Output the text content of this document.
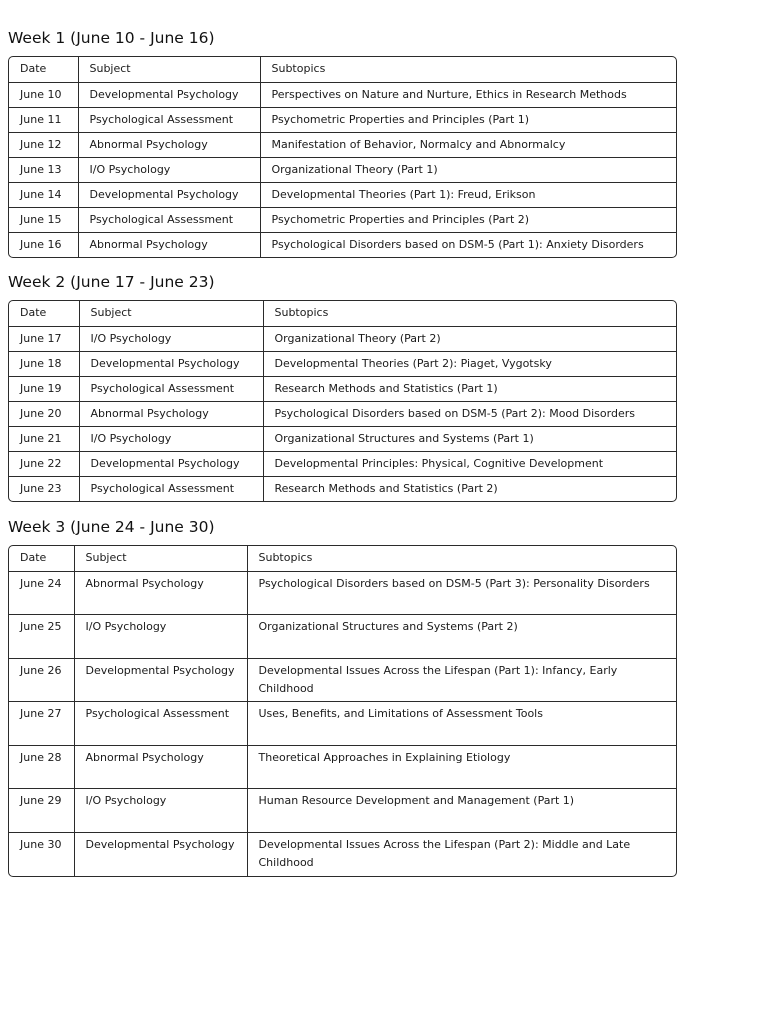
Week 1 (June 10 - June 16)
Date	Subject	Subtopics
June 10	Developmental Psychology	Perspectives on Nature and Nurture, Ethics in Research Methods
June 11	Psychological Assessment	Psychometric Properties and Principles (Part 1)
June 12	Abnormal Psychology	Manifestation of Behavior, Normalcy and Abnormalcy
June 13	I/O Psychology	Organizational Theory (Part 1)
June 14	Developmental Psychology	Developmental Theories (Part 1): Freud, Erikson
June 15	Psychological Assessment	Psychometric Properties and Principles (Part 2)
June 16	Abnormal Psychology	Psychological Disorders based on DSM-5 (Part 1): Anxiety Disorders
Week 2 (June 17 - June 23)
Date	Subject	Subtopics
June 17	I/O Psychology	Organizational Theory (Part 2)
June 18	Developmental Psychology	Developmental Theories (Part 2): Piaget, Vygotsky
June 19	Psychological Assessment	Research Methods and Statistics (Part 1)
June 20	Abnormal Psychology	Psychological Disorders based on DSM-5 (Part 2): Mood Disorders
June 21	I/O Psychology	Organizational Structures and Systems (Part 1)
June 22	Developmental Psychology	Developmental Principles: Physical, Cognitive Development
June 23	Psychological Assessment	Research Methods and Statistics (Part 2)
Week 3 (June 24 - June 30)
Date	Subject	Subtopics
June 24	Abnormal Psychology	Psychological Disorders based on DSM-5 (Part 3): Personality Disorders
June 25	I/O Psychology	Organizational Structures and Systems (Part 2)
June 26	Developmental Psychology	Developmental Issues Across the Lifespan (Part 1): Infancy, Early Childhood
June 27	Psychological Assessment	Uses, Benefits, and Limitations of Assessment Tools
June 28	Abnormal Psychology	Theoretical Approaches in Explaining Etiology
June 29	I/O Psychology	Human Resource Development and Management (Part 1)
June 30	Developmental Psychology	Developmental Issues Across the Lifespan (Part 2): Middle and Late Childhood
